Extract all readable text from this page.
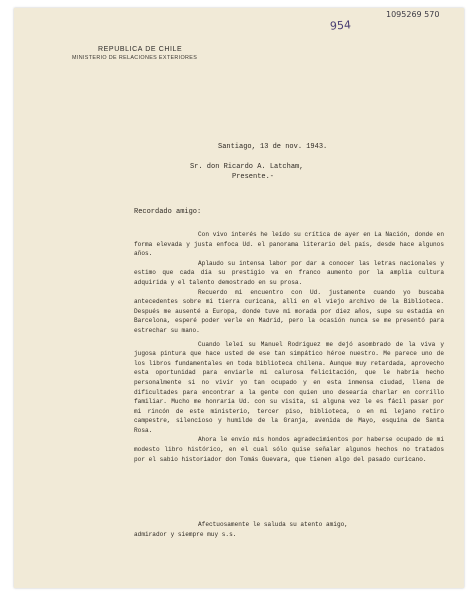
REPUBLICA DE CHILE
MINISTERIO DE RELACIONES EXTERIORES
954
1095269 570
Santiago, 13 de nov. 1943.
Sr. don Ricardo A. Latcham,
Presente.-
Recordado amigo:

Con vivo interés he leído su crítica de ayer en La Nación, donde en forma elevada y justa enfoca Ud. el panorama literario del país, desde hace algunos años.

Aplaudo su intensa labor por dar a conocer las letras nacionales y estimo que cada día su prestigio va en franco aumento por la amplia cultura adquirida y el talento demostrado en su prosa.

Recuerdo mi encuentro con Ud. justamente cuando yo buscaba antecedentes sobre mi tierra curicana, allí en el viejo archivo de la Biblioteca. Después me ausenté a Europa, donde tuve mi morada por diez años, supe su estadía en Barcelona, esperé poder verle en Madrid, pero la ocasión nunca se me presentó para estrechar su mano.

Cuando leleí su Manuel Rodríguez me dejó asombrado de la viva y jugosa pintura que hace usted de ese tan simpático héroe nuestro. Me parece uno de los libros fundamentales en toda biblioteca chilena. Aunque muy retardada, aprovecho esta oportunidad para enviarle mi calurosa felicitación, que le habría hecho personalmente si no vivir yo tan ocupado y en esta inmensa ciudad, llena de dificultades para encontrar a la gente con quien uno desearía charlar en corrillo familiar. Mucho me honraría Ud. con su visita, si alguna vez le es fácil pasar por mi rincón de este ministerio, tercer piso, biblioteca, o en mi lejano retiro campestre, silencioso y humilde de la Granja, avenida de Mayo, esquina de Santa Rosa.

Ahora le envío mis hondos agradecimientos por haberse ocupado de mi modesto libro histórico, en el cual sólo quise señalar algunos hechos no tratados por el sabio historiador don Tomás Guevara, que tienen algo del pasado curicano.

Afectuosamente le saluda su atento amigo,
admirador y siempre muy s.s.
